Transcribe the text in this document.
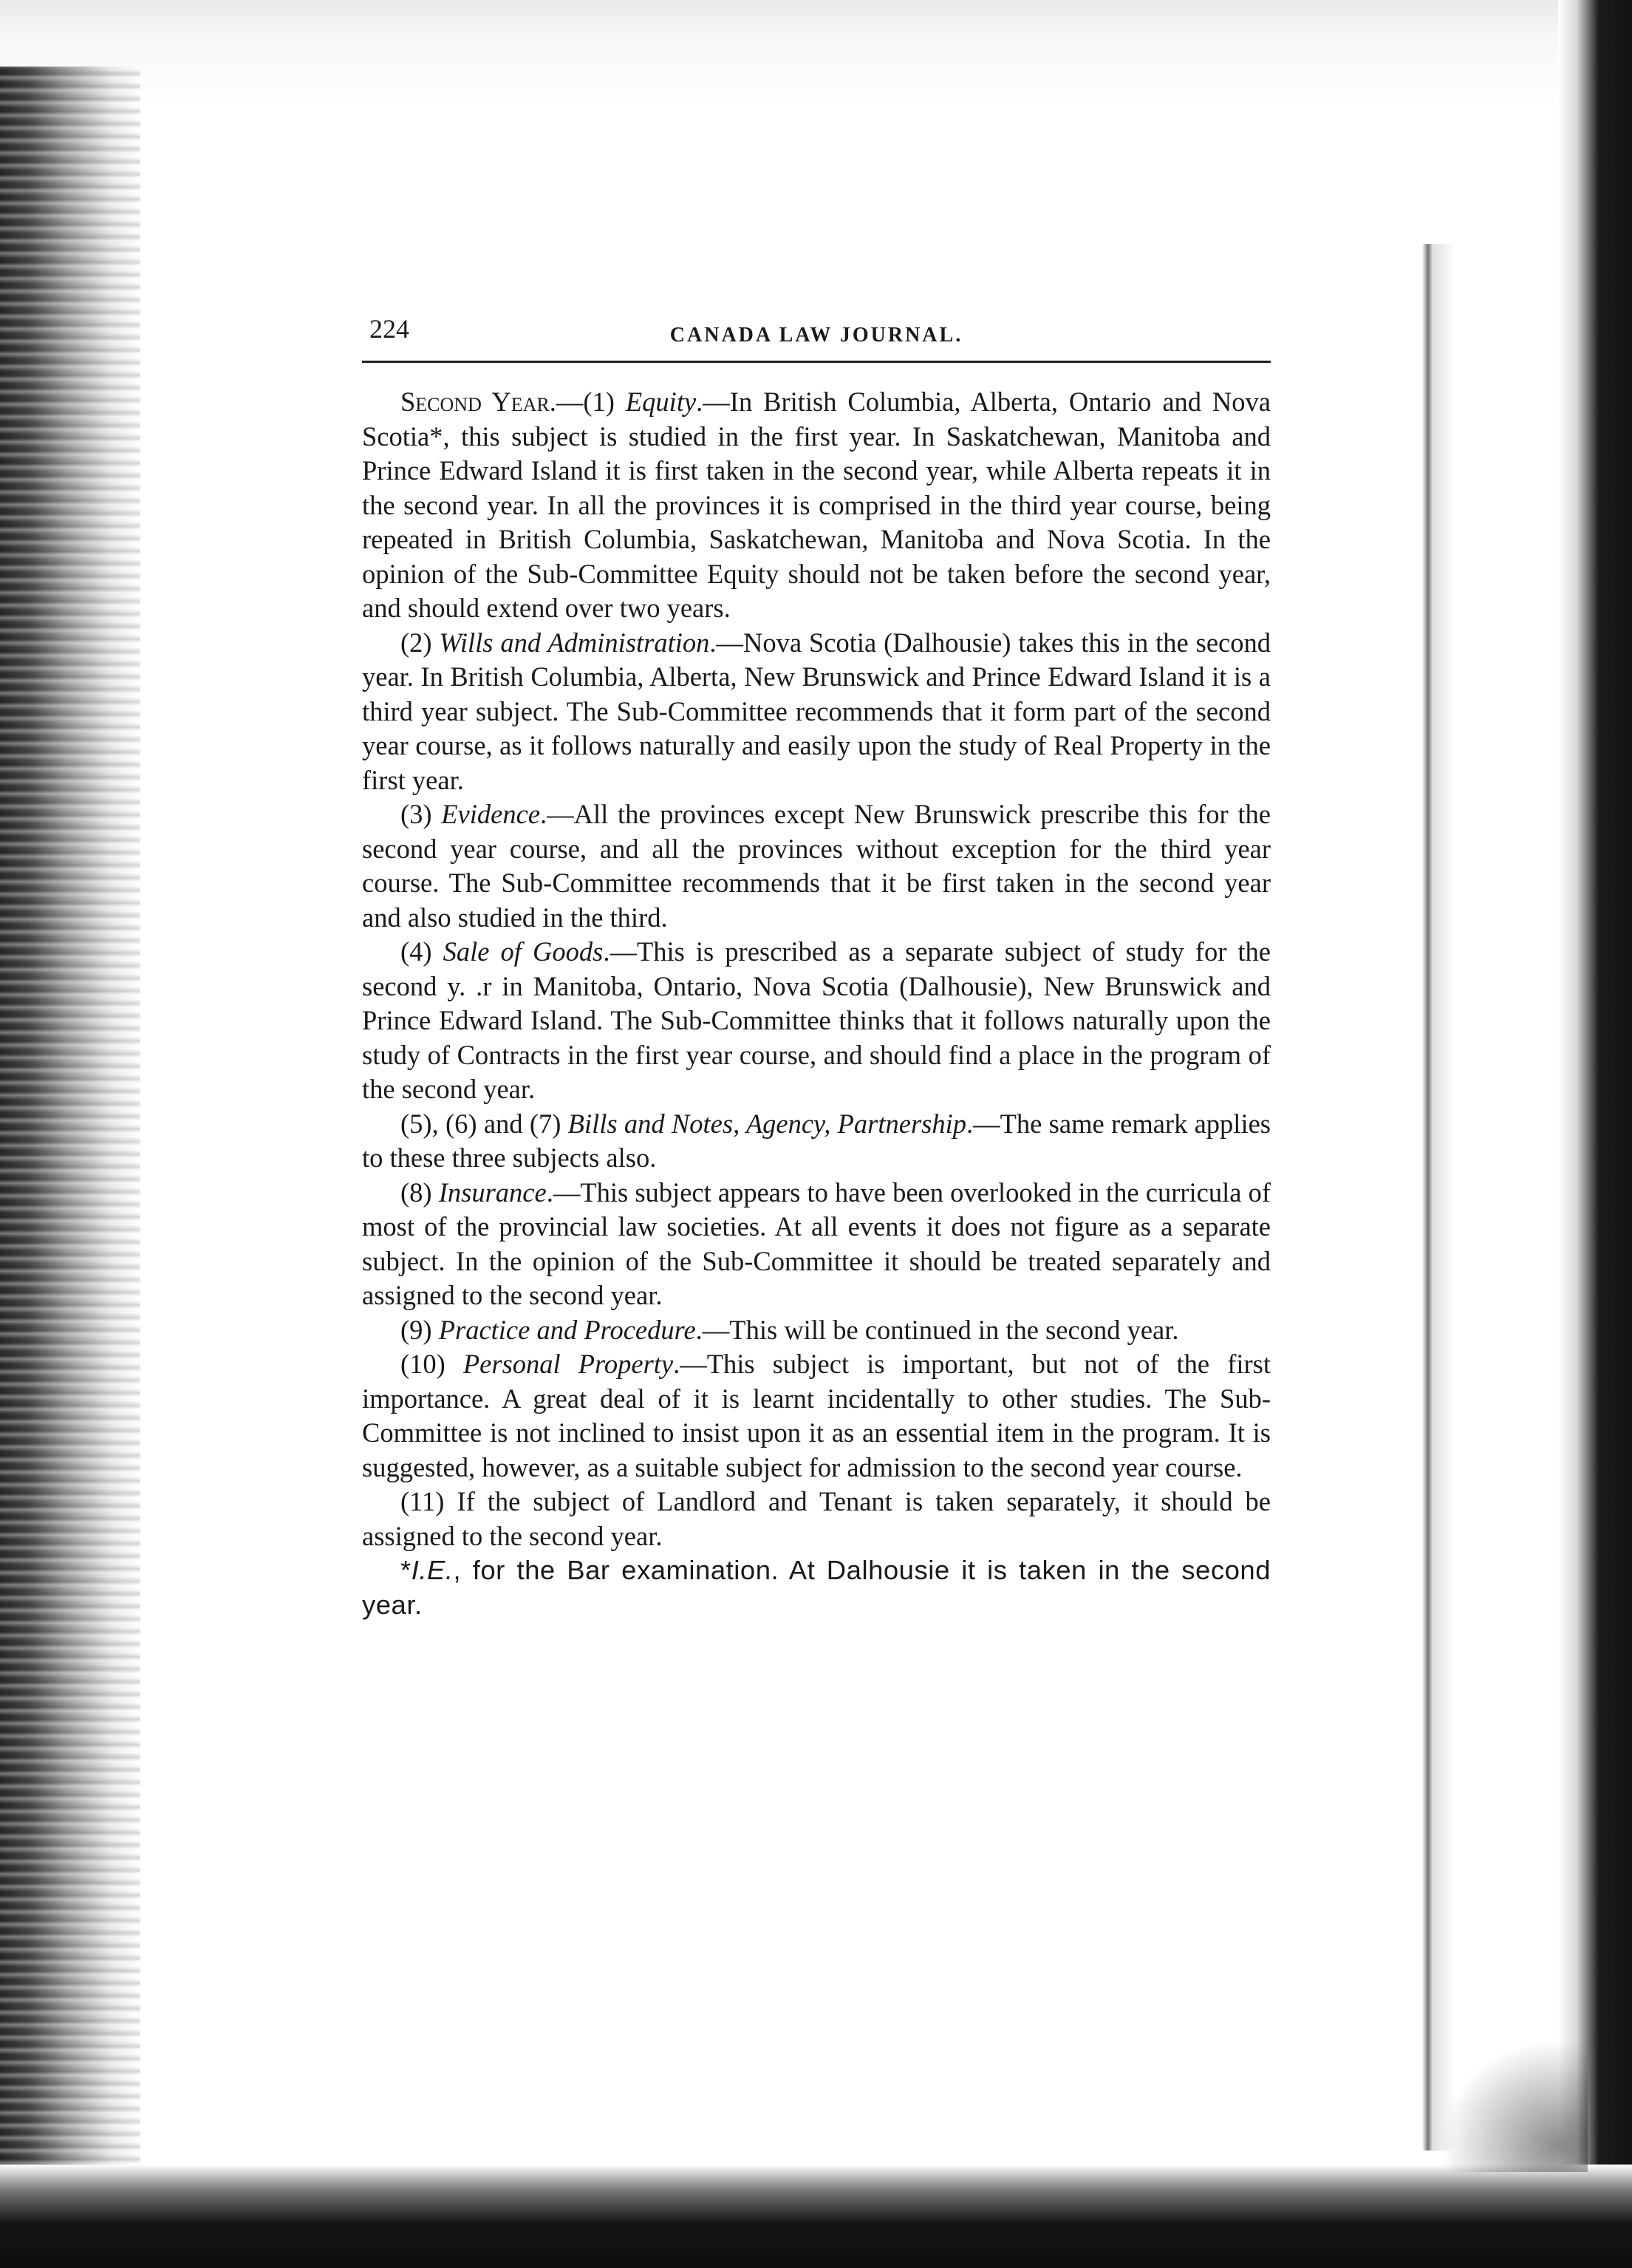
224	CANADA LAW JOURNAL.

Second Year.—(1) Equity.—In British Columbia, Alberta, Ontario and Nova Scotia*, this subject is studied in the first year. In Saskatchewan, Manitoba and Prince Edward Island it is first taken in the second year, while Alberta repeats it in the second year. In all the provinces it is comprised in the third year course, being repeated in British Columbia, Saskatchewan, Manitoba and Nova Scotia. In the opinion of the Sub-Committee Equity should not be taken before the second year, and should extend over two years.

(2) Wills and Administration.—Nova Scotia (Dalhousie) takes this in the second year. In British Columbia, Alberta, New Brunswick and Prince Edward Island it is a third year subject. The Sub-Committee recommends that it form part of the second year course, as it follows naturally and easily upon the study of Real Property in the first year.

(3) Evidence.—All the provinces except New Brunswick prescribe this for the second year course, and all the provinces without exception for the third year course. The Sub-Committee recommends that it be first taken in the second year and also studied in the third.

(4) Sale of Goods.—This is prescribed as a separate subject of study for the second y. .r in Manitoba, Ontario, Nova Scotia (Dalhousie), New Brunswick and Prince Edward Island. The Sub-Committee thinks that it follows naturally upon the study of Contracts in the first year course, and should find a place in the program of the second year.

(5), (6) and (7) Bills and Notes, Agency, Partnership.—The same remark applies to these three subjects also.

(8) Insurance.—This subject appears to have been overlooked in the curricula of most of the provincial law societies. At all events it does not figure as a separate subject. In the opinion of the Sub-Committee it should be treated separately and assigned to the second year.

(9) Practice and Procedure.—This will be continued in the second year.

(10) Personal Property.—This subject is important, but not of the first importance. A great deal of it is learnt incidentally to other studies. The Sub-Committee is not inclined to insist upon it as an essential item in the program. It is suggested, however, as a suitable subject for admission to the second year course.

(11) If the subject of Landlord and Tenant is taken separately, it should be assigned to the second year.

*I.E., for the Bar examination. At Dalhousie it is taken in the second year.
